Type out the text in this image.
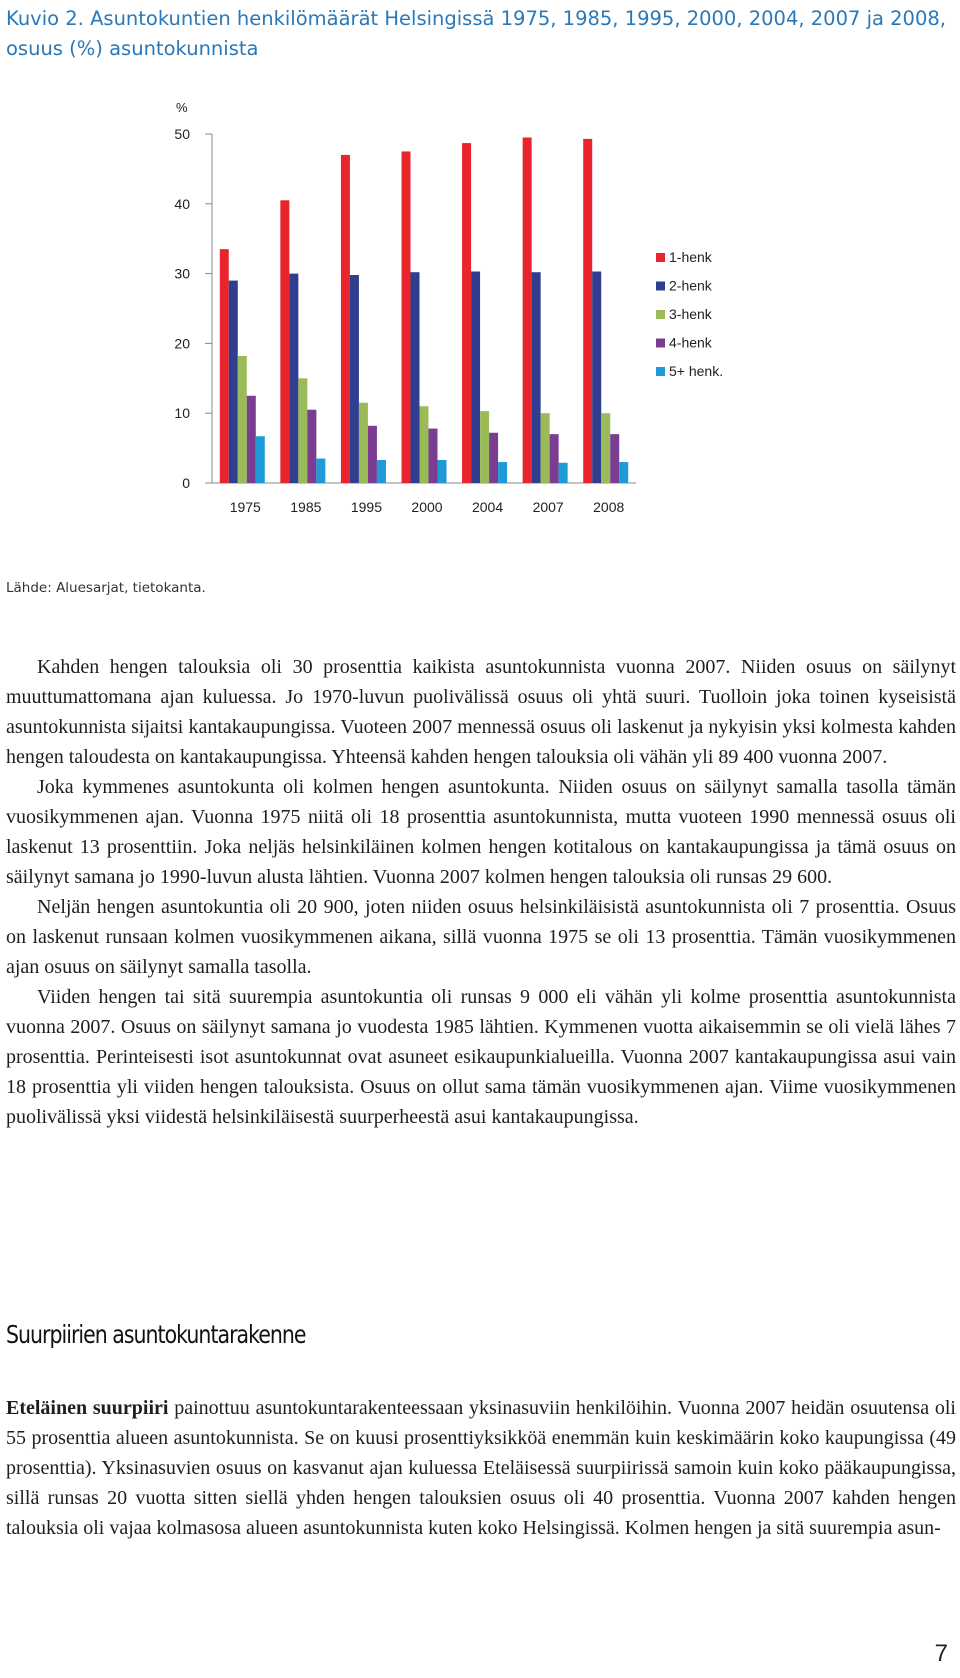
Kuvio 2. Asuntokuntien henkilömäärät Helsingissä 1975, 1985, 1995, 2000, 2004, 2007 ja 2008, osuus (%) asuntokunnista
0
10
20
30
40
50
%
1975 1985 1995 2000 2004 2007 2008
1-henk
2-henk
3-henk
4-henk
5+ henk.
Lähde: Aluesarjat, tietokanta.

Kahden hengen talouksia oli 30 prosenttia kaikista asuntokunnista vuonna 2007. Niiden osuus on säilynyt muuttumattomana ajan kuluessa. Jo 1970-luvun puolivälissä osuus oli yhtä suuri. Tuolloin joka toinen kyseisistä asuntokunnista sijaitsi kantakaupungissa. Vuoteen 2007 mennessä osuus oli laskenut ja nykyisin yksi kolmesta kahden hengen taloudesta on kantakaupungissa. Yhteensä kahden hengen talouksia oli vähän yli 89 400 vuonna 2007.

Joka kymmenes asuntokunta oli kolmen hengen asuntokunta. Niiden osuus on säilynyt samalla tasolla tämän vuosikymmenen ajan. Vuonna 1975 niitä oli 18 prosenttia asuntokunnista, mutta vuoteen 1990 mennessä osuus oli laskenut 13 prosenttiin. Joka neljäs helsinkiläinen kolmen hengen kotitalous on kantakaupungissa ja tämä osuus on säilynyt samana jo 1990-luvun alusta lähtien. Vuonna 2007 kolmen hengen talouksia oli runsas 29 600.

Neljän hengen asuntokuntia oli 20 900, joten niiden osuus helsinkiläisistä asuntokunnista oli 7 prosenttia. Osuus on laskenut runsaan kolmen vuosikymmenen aikana, sillä vuonna 1975 se oli 13 prosenttia. Tämän vuosikymmenen ajan osuus on säilynyt samalla tasolla.

Viiden hengen tai sitä suurempia asuntokuntia oli runsas 9 000 eli vähän yli kolme prosenttia asuntokunnista vuonna 2007. Osuus on säilynyt samana jo vuodesta 1985 lähtien. Kymmenen vuotta aikaisemmin se oli vielä lähes 7 prosenttia. Perinteisesti isot asuntokunnat ovat asuneet esikaupunkialueilla. Vuonna 2007 kantakaupungissa asui vain 18 prosenttia yli viiden hengen talouksista. Osuus on ollut sama tämän vuosikymmenen ajan. Viime vuosikymmenen puolivälissä yksi viidestä helsinkiläisestä suurperheestä asui kantakaupungissa.

Suurpiirien asuntokuntarakenne

Eteläinen suurpiiri painottuu asuntokuntarakenteessaan yksinasuviin henkilöihin. Vuonna 2007 heidän osuutensa oli 55 prosenttia alueen asuntokunnista. Se on kuusi prosenttiyksikköä enemmän kuin keskimäärin koko kaupungissa (49 prosenttia). Yksinasuvien osuus on kasvanut ajan kuluessa Eteläisessä suurpiirissä samoin kuin koko pääkaupungissa, sillä runsas 20 vuotta sitten siellä yhden hengen talouksien osuus oli 40 prosenttia. Vuonna 2007 kahden hengen talouksia oli vajaa kolmasosa alueen asuntokunnista kuten koko Helsingissä. Kolmen hengen ja sitä suurempia asun-

7
